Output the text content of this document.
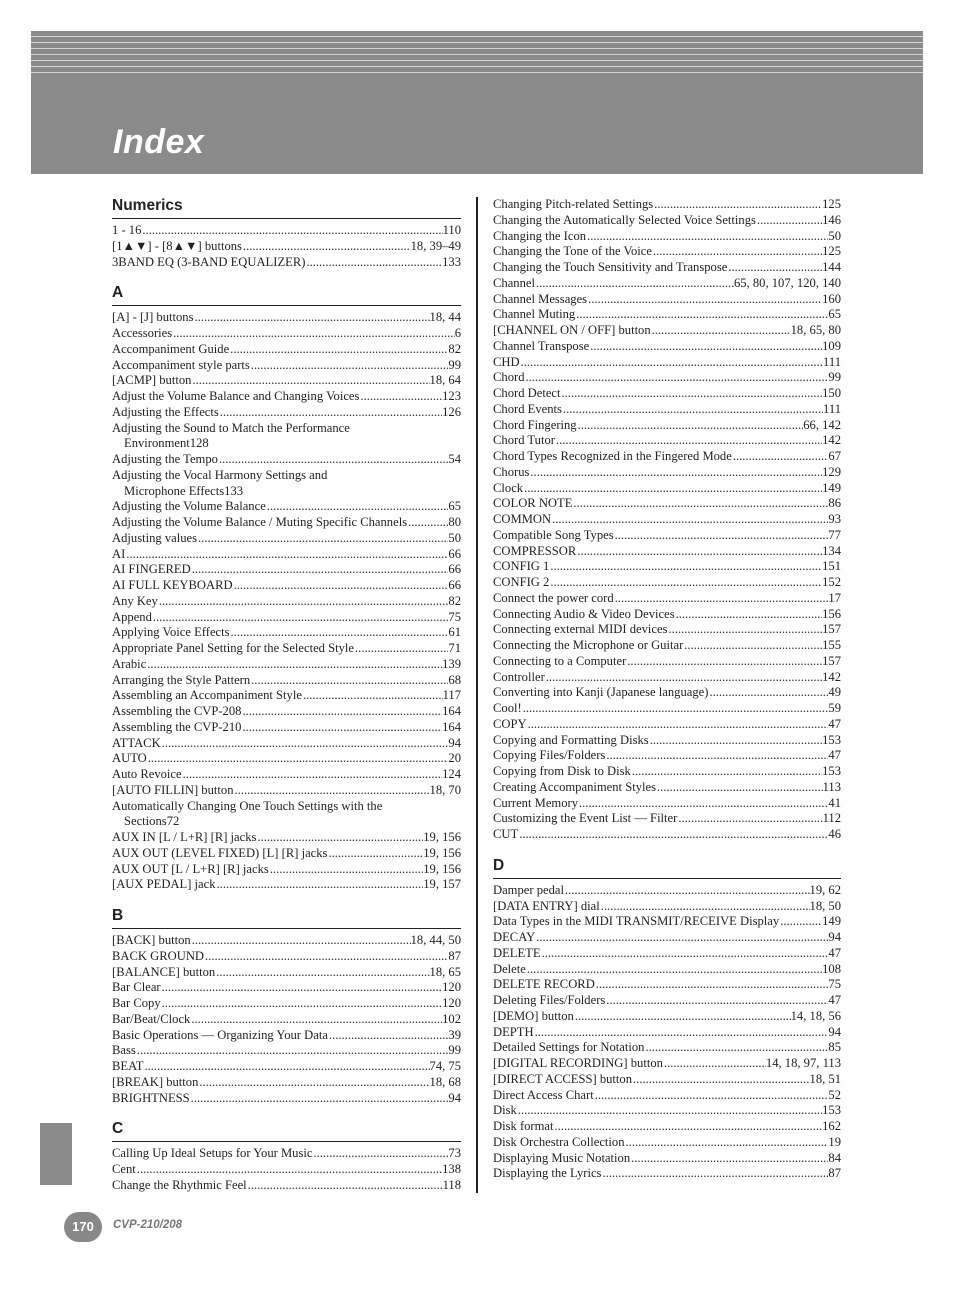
Index
Numerics
1 - 16 .....	110
[1▲▼] - [8▲▼] buttons .....	18, 39–49
3BAND EQ (3-BAND EQUALIZER) .....	133
A
[A] - [J] buttons .....	18, 44
Accessories .....	6
Accompaniment Guide .....	82
Accompaniment style parts .....	99
[ACMP] button .....	18, 64
Adjust the Volume Balance and Changing Voices .....	123
Adjusting the Effects .....	126
Adjusting the Sound to Match the Performance
Environment 128
Adjusting the Tempo .....	54
Adjusting the Vocal Harmony Settings and
Microphone Effects 133
Adjusting the Volume Balance .....	65
Adjusting the Volume Balance / Muting Specific Channels .....	80
Adjusting values .....	50
AI .....	66
AI FINGERED .....	66
AI FULL KEYBOARD .....	66
Any Key .....	82
Append .....	75
Applying Voice Effects .....	61
Appropriate Panel Setting for the Selected Style .....	71
Arabic .....	139
Arranging the Style Pattern .....	68
Assembling an Accompaniment Style .....	117
Assembling the CVP-208 .....	164
Assembling the CVP-210 .....	164
ATTACK .....	94
AUTO .....	20
Auto Revoice .....	124
[AUTO FILLIN] button .....	18, 70
Automatically Changing One Touch Settings with the
Sections 72
AUX IN [L / L+R] [R] jacks .....	19, 156
AUX OUT (LEVEL FIXED) [L] [R] jacks .....	19, 156
AUX OUT [L / L+R] [R] jacks .....	19, 156
[AUX PEDAL] jack .....	19, 157
B
[BACK] button .....	18, 44, 50
BACK GROUND .....	87
[BALANCE] button .....	18, 65
Bar Clear .....	120
Bar Copy .....	120
Bar/Beat/Clock .....	102
Basic Operations — Organizing Your Data .....	39
Bass .....	99
BEAT .....	74, 75
[BREAK] button .....	18, 68
BRIGHTNESS .....	94
C
Calling Up Ideal Setups for Your Music .....	73
Cent .....	138
Change the Rhythmic Feel .....	118
Changing Pitch-related Settings .....	125
Changing the Automatically Selected Voice Settings .....	146
Changing the Icon .....	50
Changing the Tone of the Voice .....	125
Changing the Touch Sensitivity and Transpose .....	144
Channel .....	65, 80, 107, 120, 140
Channel Messages .....	160
Channel Muting .....	65
[CHANNEL ON / OFF] button .....	18, 65, 80
Channel Transpose .....	109
CHD .....	111
Chord .....	99
Chord Detect .....	150
Chord Events .....	111
Chord Fingering .....	66, 142
Chord Tutor .....	142
Chord Types Recognized in the Fingered Mode .....	67
Chorus .....	129
Clock .....	149
COLOR NOTE .....	86
COMMON .....	93
Compatible Song Types .....	77
COMPRESSOR .....	134
CONFIG 1 .....	151
CONFIG 2 .....	152
Connect the power cord .....	17
Connecting Audio & Video Devices .....	156
Connecting external MIDI devices .....	157
Connecting the Microphone or Guitar .....	155
Connecting to a Computer .....	157
Controller .....	142
Converting into Kanji (Japanese language) .....	49
Cool! .....	59
COPY .....	47
Copying and Formatting Disks .....	153
Copying Files/Folders .....	47
Copying from Disk to Disk .....	153
Creating Accompaniment Styles .....	113
Current Memory .....	41
Customizing the Event List — Filter .....	112
CUT .....	46
D
Damper pedal .....	19, 62
[DATA ENTRY] dial .....	18, 50
Data Types in the MIDI TRANSMIT/RECEIVE Display .....	149
DECAY .....	94
DELETE .....	47
Delete .....	108
DELETE RECORD .....	75
Deleting Files/Folders .....	47
[DEMO] button .....	14, 18, 56
DEPTH .....	94
Detailed Settings for Notation .....	85
[DIGITAL RECORDING] button .....	14, 18, 97, 113
[DIRECT ACCESS] button .....	18, 51
Direct Access Chart .....	52
Disk .....	153
Disk format .....	162
Disk Orchestra Collection .....	19
Displaying Music Notation .....	84
Displaying the Lyrics .....	87
170	CVP-210/208
